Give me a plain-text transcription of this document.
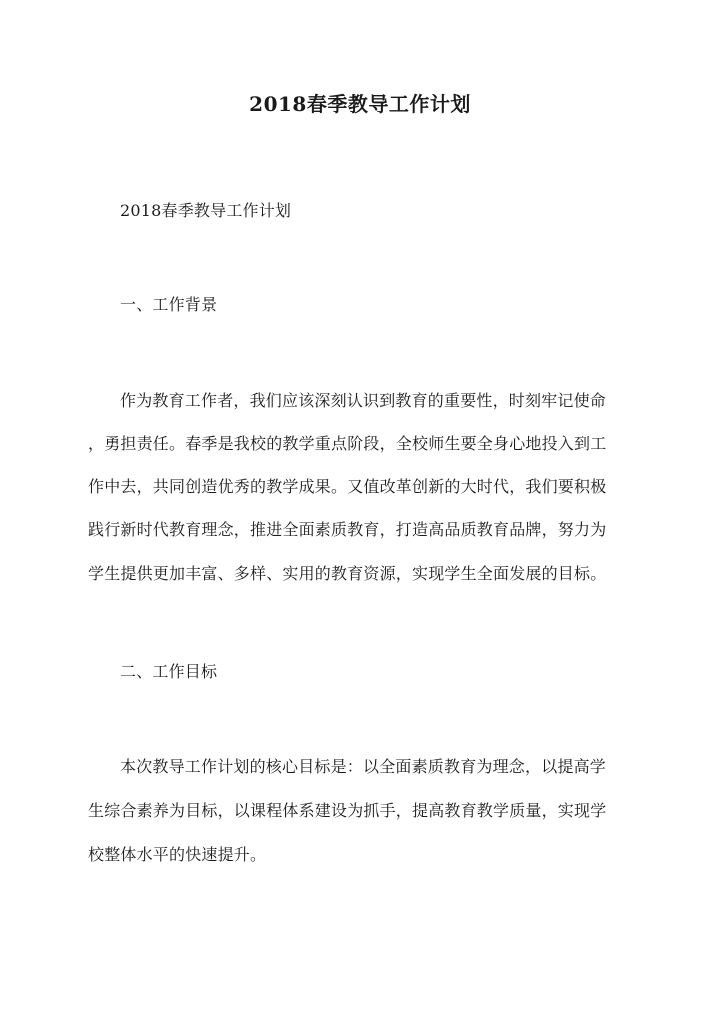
2018春季教导工作计划
2018春季教导工作计划
一、工作背景
作为教育工作者，我们应该深刻认识到教育的重要性，时刻牢记使命
，勇担责任。春季是我校的教学重点阶段，全校师生要全身心地投入到工
作中去，共同创造优秀的教学成果。又值改革创新的大时代，我们要积极
践行新时代教育理念，推进全面素质教育，打造高品质教育品牌，努力为
学生提供更加丰富、多样、实用的教育资源，实现学生全面发展的目标。
二、工作目标
本次教导工作计划的核心目标是：以全面素质教育为理念，以提高学
生综合素养为目标，以课程体系建设为抓手，提高教育教学质量，实现学
校整体水平的快速提升。
